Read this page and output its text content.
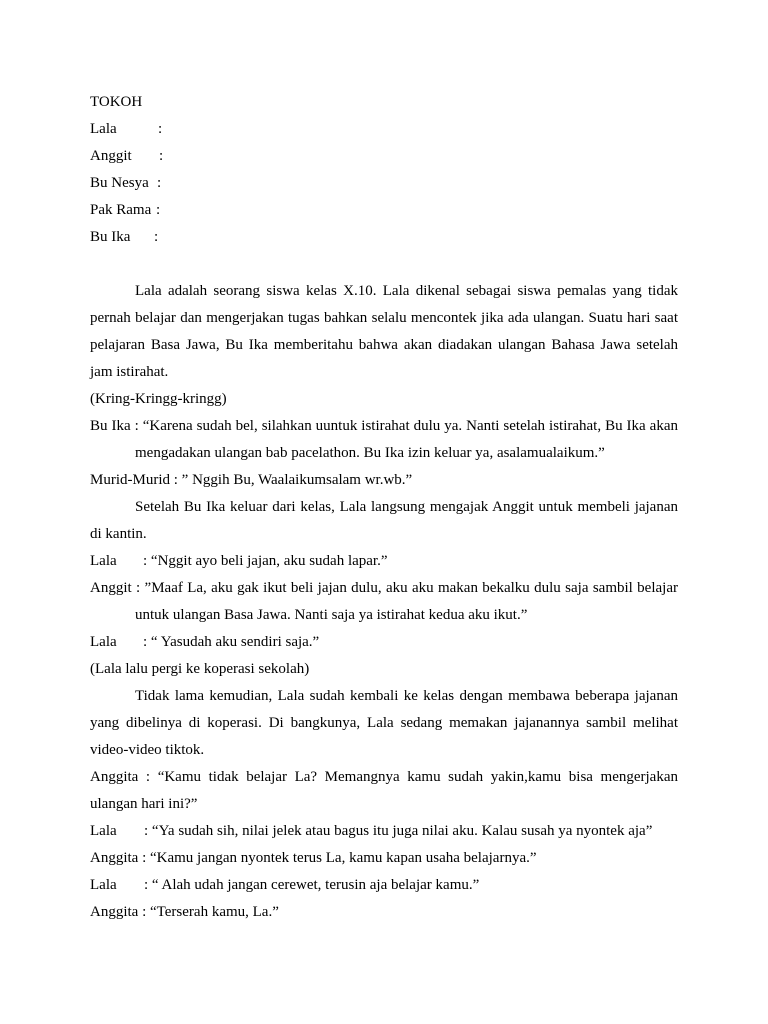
TOKOH

Lala	:
Anggit	:
Bu Nesya :
Pak Rama :
Bu Ika	:

Lala adalah seorang siswa kelas X.10. Lala dikenal sebagai siswa pemalas yang tidak pernah belajar dan mengerjakan tugas bahkan selalu mencontek jika ada ulangan. Suatu hari saat pelajaran Basa Jawa, Bu Ika memberitahu bahwa akan diadakan ulangan Bahasa Jawa setelah jam istirahat.

(Kring-Kringg-kringg)

Bu Ika : “Karena sudah bel, silahkan uuntuk istirahat dulu ya. Nanti setelah istirahat, Bu Ika akan mengadakan ulangan bab pacelathon. Bu Ika izin keluar ya, asalamualaikum.”

Murid-Murid : ” Nggih Bu, Waalaikumsalam wr.wb.”

Setelah Bu Ika keluar dari kelas, Lala langsung mengajak Anggit untuk membeli jajanan di kantin.

Lala : “Nggit ayo beli jajan, aku sudah lapar.”

Anggit : ”Maaf La, aku gak ikut beli jajan dulu, aku aku makan bekalku dulu saja sambil belajar untuk ulangan Basa Jawa. Nanti saja ya istirahat kedua aku ikut.”

Lala : “ Yasudah aku sendiri saja.”

(Lala lalu pergi ke koperasi sekolah)

Tidak lama kemudian, Lala sudah kembali ke kelas dengan membawa beberapa jajanan yang dibelinya di koperasi. Di bangkunya, Lala sedang memakan jajanannya sambil melihat video-video tiktok.

Anggita : “Kamu tidak belajar La? Memangnya kamu sudah yakin,kamu bisa mengerjakan ulangan hari ini?”

Lala : “Ya sudah sih, nilai jelek atau bagus itu juga nilai aku. Kalau susah ya nyontek aja”

Anggita : “Kamu jangan nyontek terus La, kamu kapan usaha belajarnya.”

Lala : “ Alah udah jangan cerewet, terusin aja belajar kamu.”

Anggita : “Terserah kamu, La.”
